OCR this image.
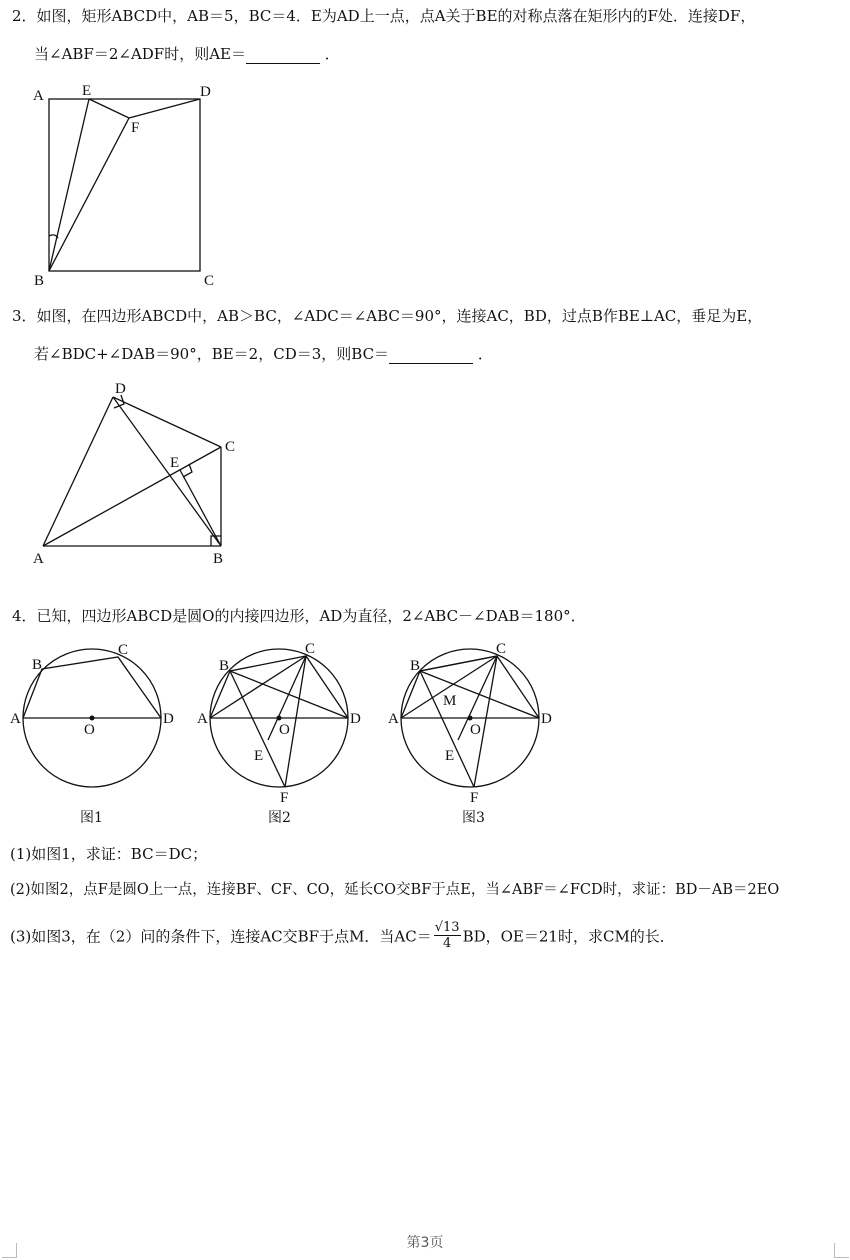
2．如图，矩形ABCD中，AB＝5，BC＝4．E为AD上一点，点A关于BE的对称点落在矩形内的F处．连接DF，
当∠ABF＝2∠ADF时，则AE＝	．
A	E	D
F
B	C
3．如图，在四边形ABCD中，AB＞BC，∠ADC＝∠ABC＝90°，连接AC，BD，过点B作BE⊥AC，垂足为E，
若∠BDC+∠DAB＝90°，BE＝2，CD＝3，则BC＝	．
D
C
E
A	B
4．已知，四边形ABCD是圆O的内接四边形，AD为直径，2∠ABC－∠DAB＝180°．
A
B
C
D
O
图1
A
B
C
D
O
E
F
图2
A
B
C
D
O
M
E
F
图3
(1)如图1，求证：BC＝DC；
(2)如图2，点F是圆O上一点，连接BF、CF、CO，延长CO交BF于点E，当∠ABF＝∠FCD时，求证：BD－AB＝2EO
(3)如图3，在（2）问的条件下，连接AC交BF于点M．当$AC= \frac{√13}{4}$ BD，OE＝21时，求CM的长．
第3页
